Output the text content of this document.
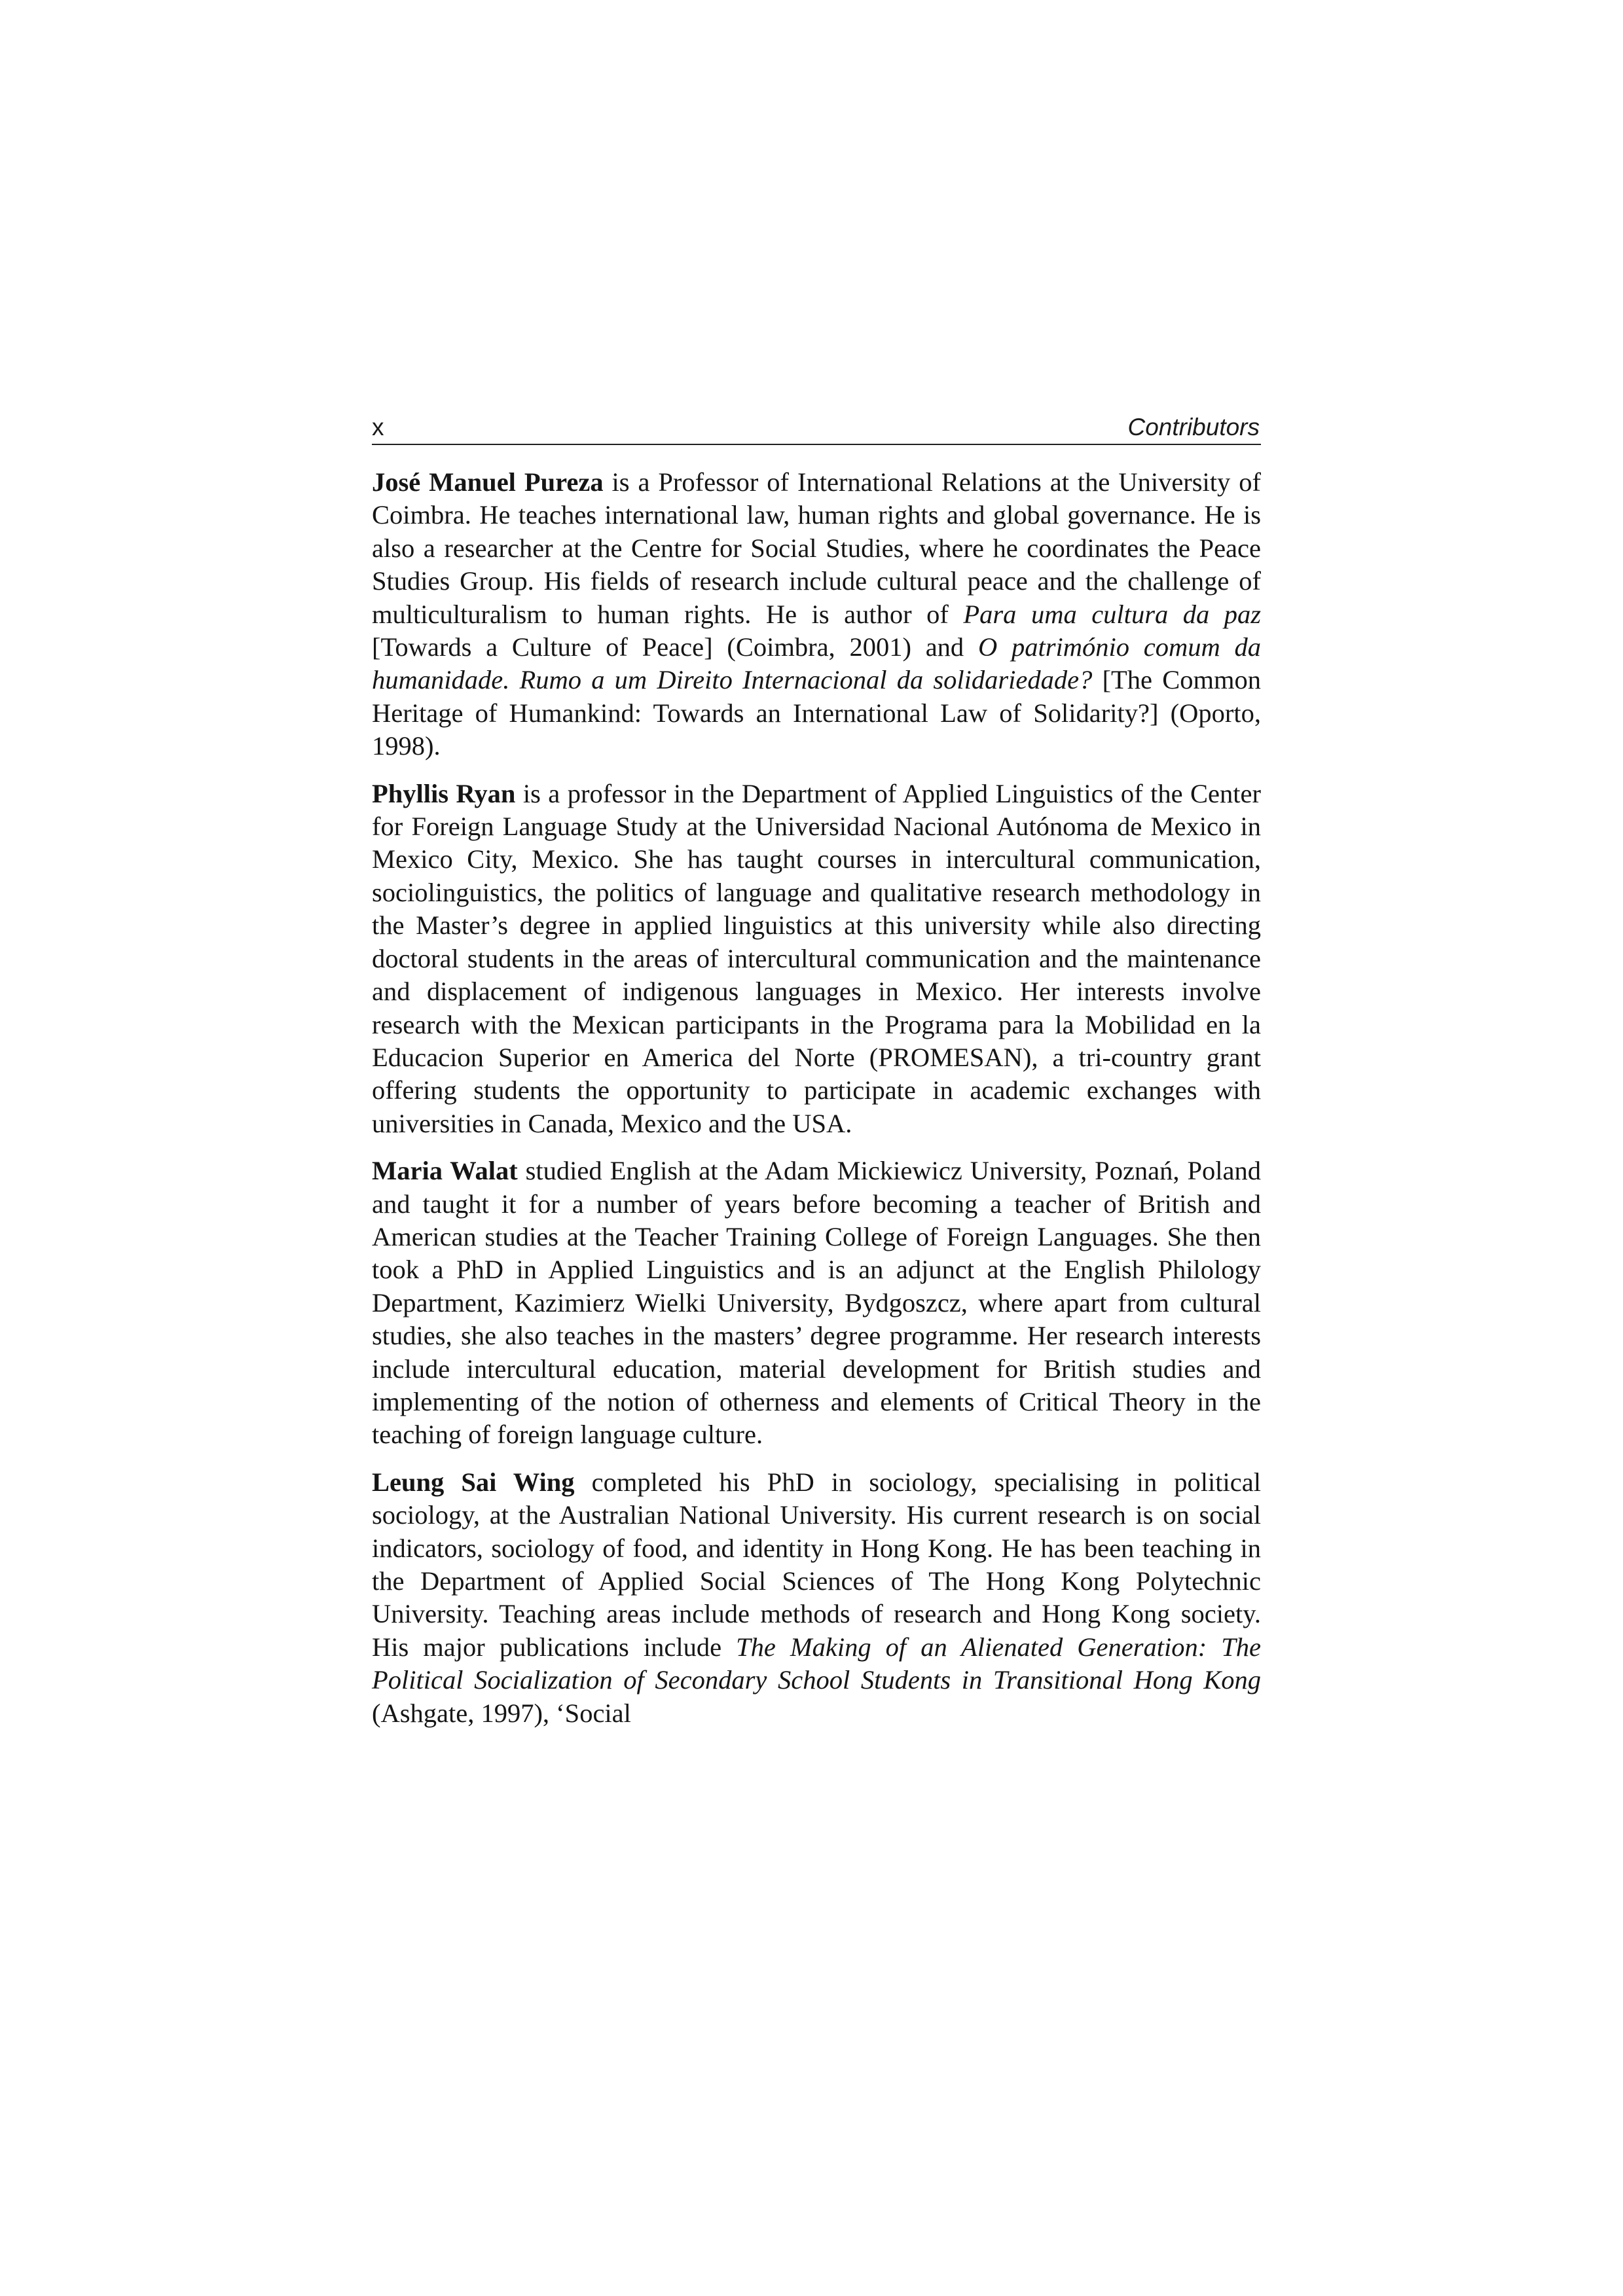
x	Contributors

José Manuel Pureza is a Professor of International Relations at the University of Coimbra. He teaches international law, human rights and global governance. He is also a researcher at the Centre for Social Studies, where he coordinates the Peace Studies Group. His fields of research include cultural peace and the challenge of multiculturalism to human rights. He is author of Para uma cultura da paz [Towards a Culture of Peace] (Coimbra, 2001) and O património comum da humanidade. Rumo a um Direito Internacional da solidariedade? [The Common Heritage of Humankind: Towards an International Law of Solidarity?] (Oporto, 1998).

Phyllis Ryan is a professor in the Department of Applied Linguistics of the Center for Foreign Language Study at the Universidad Nacional Autónoma de Mexico in Mexico City, Mexico. She has taught courses in intercultural communication, sociolinguistics, the politics of language and qualitative research methodology in the Master’s degree in applied linguistics at this university while also directing doctoral students in the areas of intercultural communication and the maintenance and displacement of indigenous languages in Mexico. Her interests involve research with the Mexican participants in the Programa para la Mobilidad en la Educacion Superior en America del Norte (PROMESAN), a tri-country grant offering students the opportunity to participate in academic exchanges with universities in Canada, Mexico and the USA.

Maria Walat studied English at the Adam Mickiewicz University, Poznań, Poland and taught it for a number of years before becoming a teacher of British and American studies at the Teacher Training College of Foreign Languages. She then took a PhD in Applied Linguistics and is an adjunct at the English Philology Department, Kazimierz Wielki University, Bydgoszcz, where apart from cultural studies, she also teaches in the masters’ degree programme. Her research interests include intercultural education, material development for British studies and implementing of the notion of otherness and elements of Critical Theory in the teaching of foreign language culture.

Leung Sai Wing completed his PhD in sociology, specialising in political sociology, at the Australian National University. His current research is on social indicators, sociology of food, and identity in Hong Kong. He has been teaching in the Department of Applied Social Sciences of The Hong Kong Polytechnic University. Teaching areas include methods of research and Hong Kong society. His major publications include The Making of an Alienated Generation: The Political Socialization of Secondary School Students in Transitional Hong Kong (Ashgate, 1997), ‘Social
